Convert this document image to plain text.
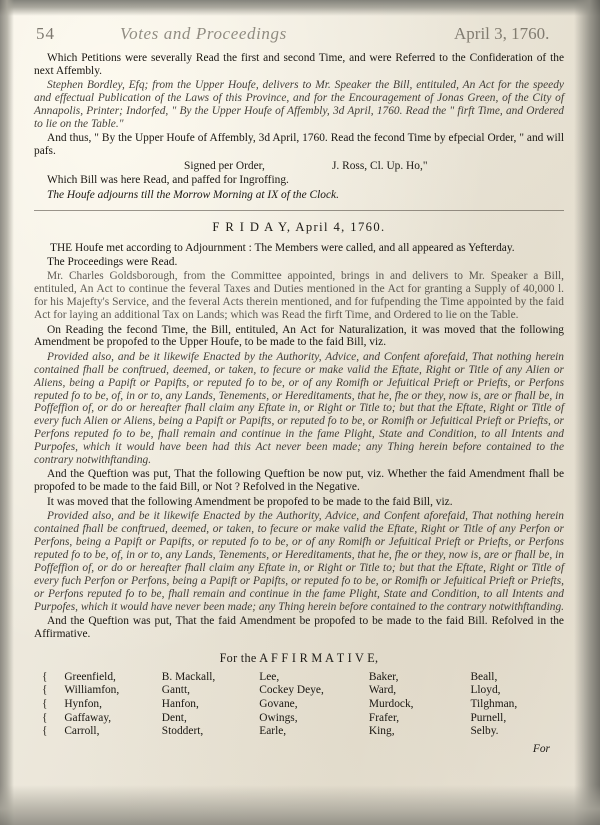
54	Votes and Proceedings	April 3, 1760.

Which Petitions were severally Read the first and second Time, and were Referred to the Confideration of the next Affembly.

Stephen Bordley, Efq; from the Upper Houfe, delivers to Mr. Speaker the Bill, entituled, An Act for the speedy and effectual Publication of the Laws of this Province, and for the Encouragement of Jonas Green, of the City of Annapolis, Printer; Indorfed, " By the Upper Houfe of Affembly, 3d April, 1760. Read the " firft Time, and Ordered to lie on the Table."

And thus, " By the Upper Houfe of Affembly, 3d April, 1760. Read the fecond Time by efpecial Order, " and will pafs.

Signed per Order,	J. Ross, Cl. Up. Ho,"

Which Bill was here Read, and paffed for Ingroffing.

The Houfe adjourns till the Morrow Morning at IX of the Clock.

F R I D A Y, April 4, 1760.

THE Houfe met according to Adjournment : The Members were called, and all appeared as Yefterday.

The Proceedings were Read.

Mr. Charles Goldsborough, from the Committee appointed, brings in and delivers to Mr. Speaker a Bill, entituled, An Act to continue the feveral Taxes and Duties mentioned in the Act for granting a Supply of 40,000 l. for his Majefty's Service, and the feveral Acts therein mentioned, and for fufpending the Time appointed by the faid Act for laying an additional Tax on Lands; which was Read the firft Time, and Ordered to lie on the Table.

On Reading the fecond Time, the Bill, entituled, An Act for Naturalization, it was moved that the following Amendment be propofed to the Upper Houfe, to be made to the faid Bill, viz.

Provided also, and be it likewife Enacted by the Authority, Advice, and Confent aforefaid, That nothing herein contained fhall be conftrued, deemed, or taken, to fecure or make valid the Eftate, Right or Title of any Alien or Aliens, being a Papift or Papifts, or reputed fo to be, or of any Romifh or Jefuitical Prieft or Priefts, or Perfons reputed fo to be, of, in or to, any Lands, Tenements, or Hereditaments, that he, fhe or they, now is, are or fhall be, in Poffeffion of, or do or hereafter fhall claim any Eftate in, or Right or Title to; but that the Eftate, Right or Title of every fuch Alien or Aliens, being a Papift or Papifts, or reputed fo to be, or Romifh or Jefuitical Prieft or Priefts, or Perfons reputed fo to be, fhall remain and continue in the fame Plight, State and Condition, to all Intents and Purpofes, which it would have been had this Act never been made; any Thing herein before contained to the contrary notwithftanding.

And the Queftion was put, That the following Queftion be now put, viz. Whether the faid Amendment fhall be propofed to be made to the faid Bill, or Not ? Refolved in the Negative.

It was moved that the following Amendment be propofed to be made to the faid Bill, viz.

Provided also, and be it likewife Enacted by the Authority, Advice, and Confent aforefaid, That nothing herein contained fhall be conftrued, deemed, or taken, to fecure or make valid the Eftate, Right or Title of any Perfon or Perfons, being a Papift or Papifts, or reputed fo to be, or of any Romifh or Jefuitical Prieft or Priefts, or Perfons reputed fo to be, of, in or to, any Lands, Tenements, or Hereditaments, that he, fhe or they, now is, are or fhall be, in Poffeffion of, or do or hereafter fhall claim any Eftate in, or Right or Title to; but that the Eftate, Right or Title of every fuch Perfon or Perfons, being a Papift or Papifts, or reputed fo to be, or Romifh or Jefuitical Prieft or Priefts, or Perfons reputed fo to be, fhall remain and continue in the fame Plight, State and Condition, to all Intents and Purpofes, which it would have never been made; any Thing herein before contained to the contrary notwithftanding.

And the Queftion was put, That the faid Amendment be propofed to be made to the faid Bill. Refolved in the Affirmative.

For the A F F I R M A T I V E,
{	Greenfield,	B. Mackall,	Lee,	Baker,	Beall,
{	Williamfon,	Gantt,	Cockey Deye,	Ward,	Lloyd,
{	Hynfon,	Hanfon,	Govane,	Murdock,	Tilghman,
{	Gaffaway,	Dent,	Owings,	Frafer,	Purnell,
{	Carroll,	Stoddert,	Earle,	King,	Selby.
For
